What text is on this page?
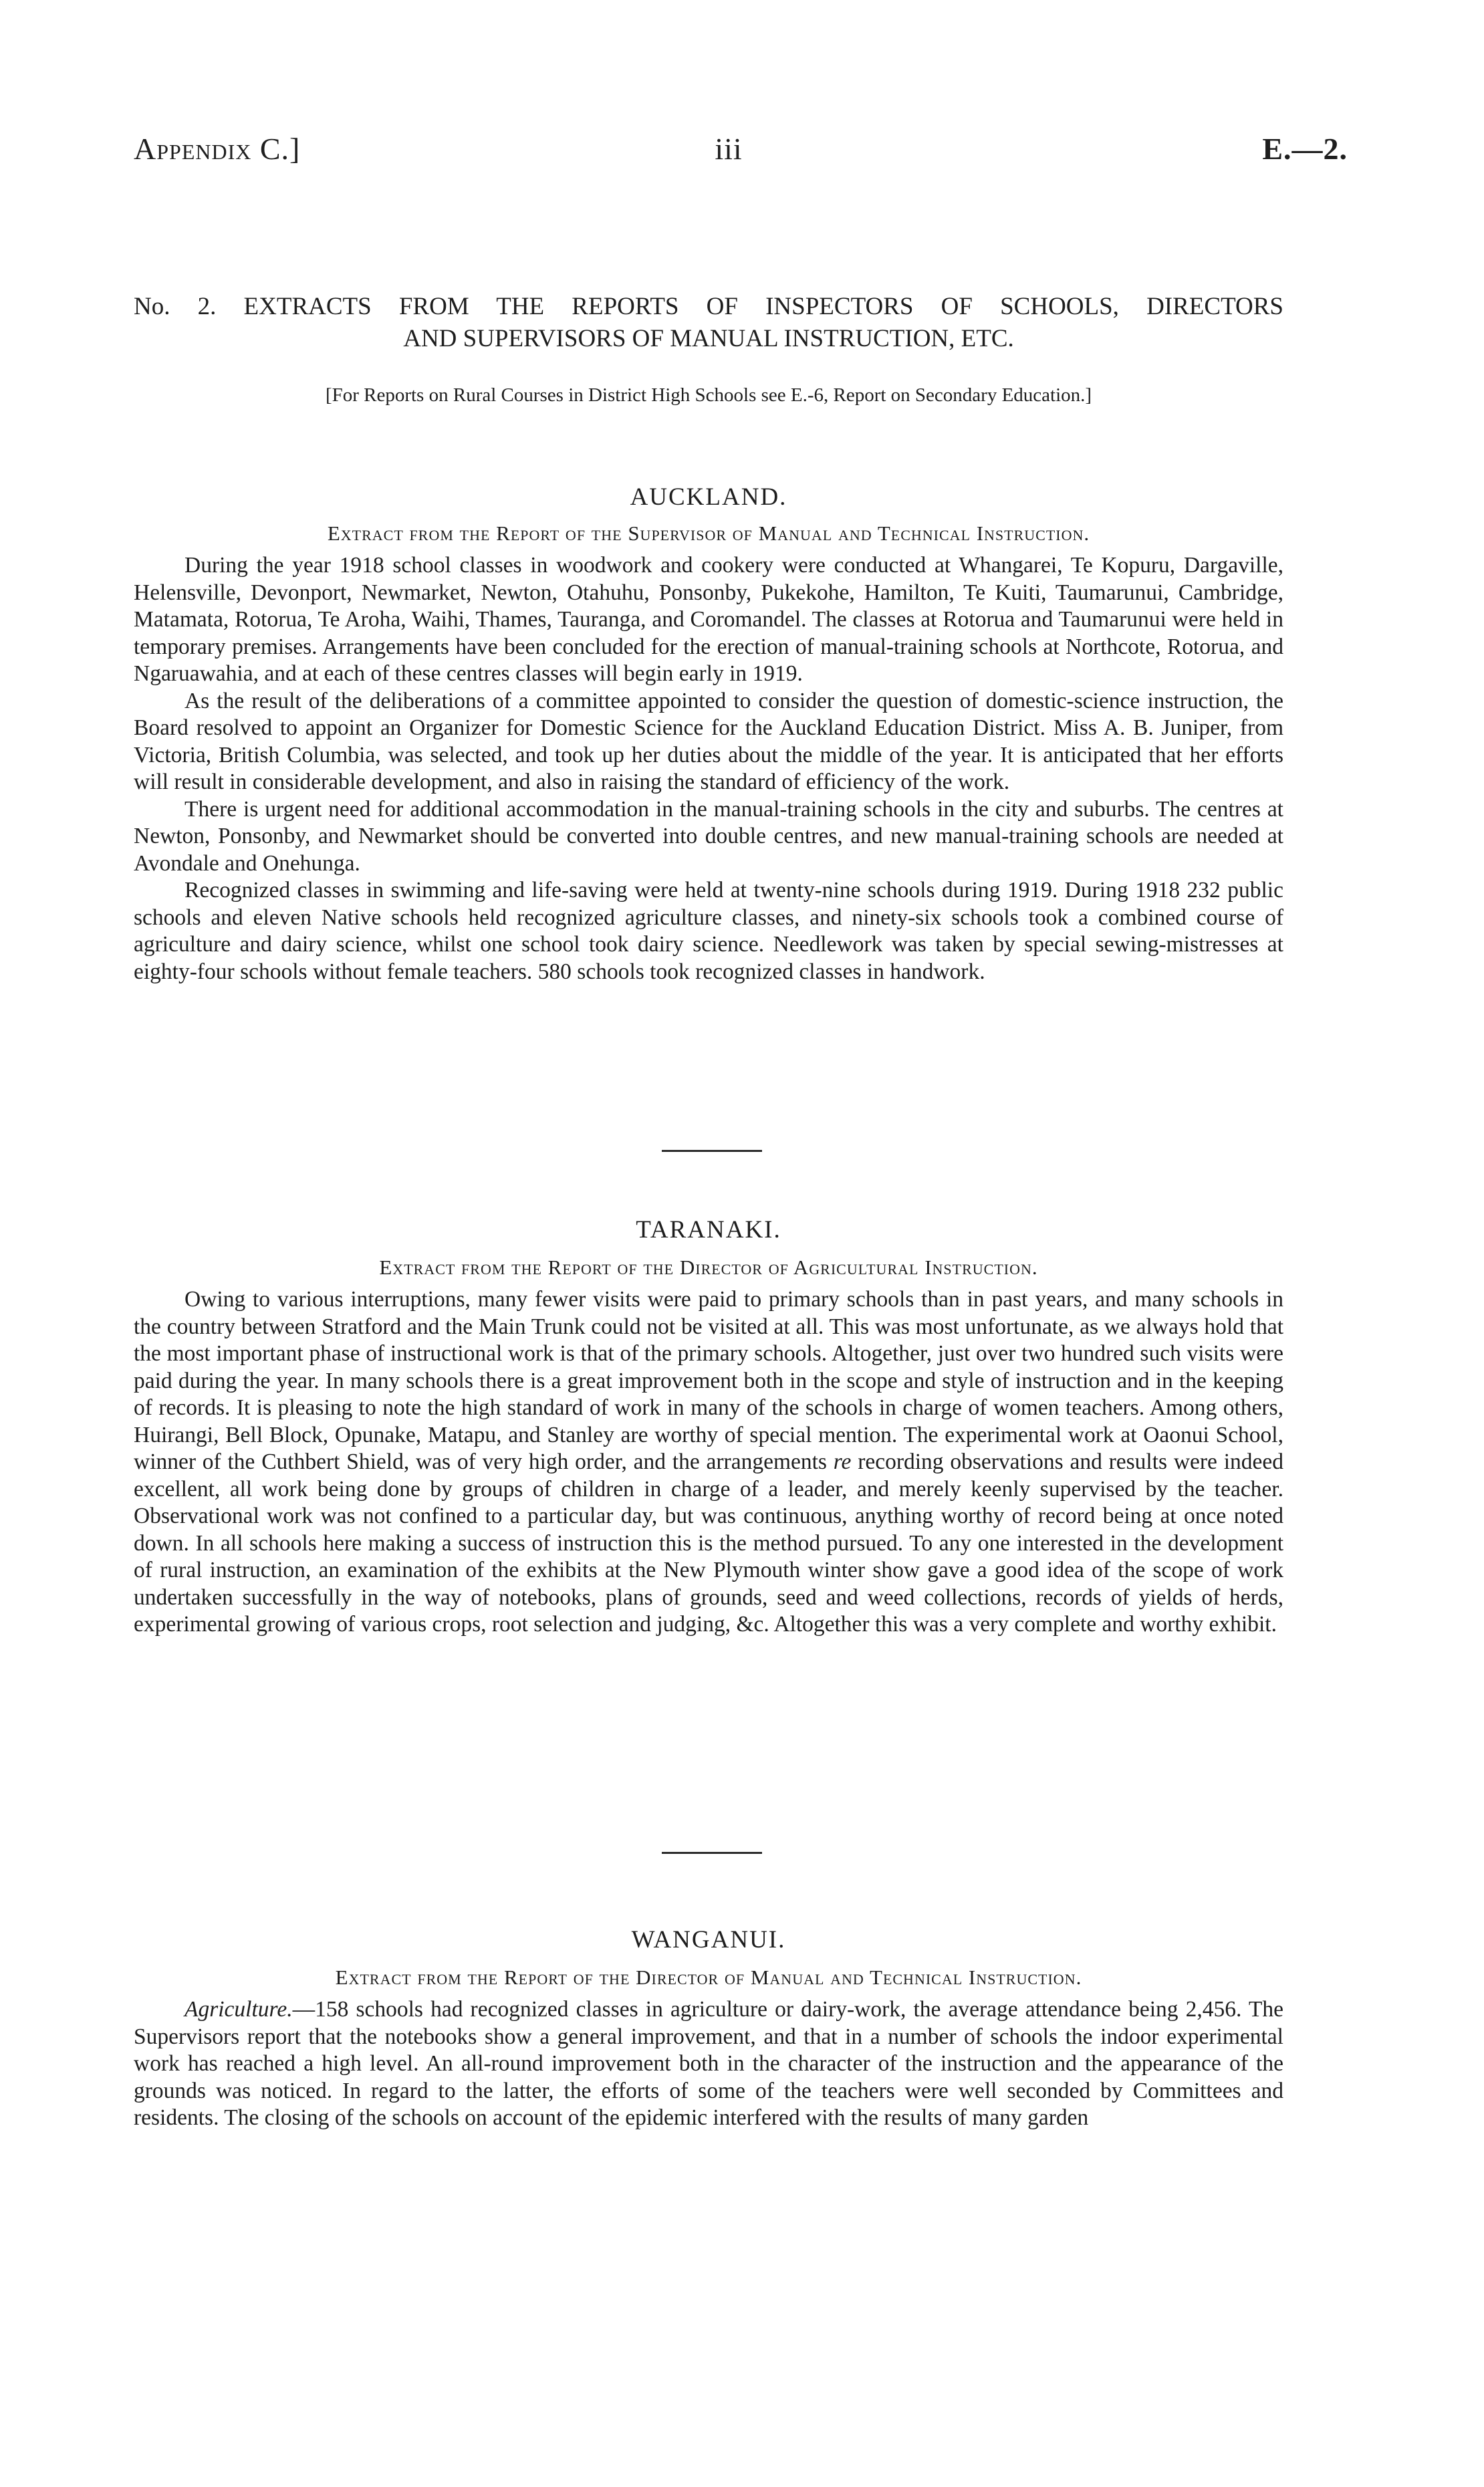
Appendix C.]	iii	E.—2.
No. 2. EXTRACTS FROM THE REPORTS OF INSPECTORS OF SCHOOLS, DIRECTORS
AND SUPERVISORS OF MANUAL INSTRUCTION, ETC.
[For Reports on Rural Courses in District High Schools see E.-6, Report on Secondary Education.]
AUCKLAND.
Extract from the Report of the Supervisor of Manual and Technical Instruction.

During the year 1918 school classes in woodwork and cookery were conducted at Whangarei, Te Kopuru, Dargaville, Helensville, Devonport, Newmarket, Newton, Otahuhu, Ponsonby, Pukekohe, Hamilton, Te Kuiti, Taumarunui, Cambridge, Matamata, Rotorua, Te Aroha, Waihi, Thames, Tauranga, and Coromandel. The classes at Rotorua and Taumarunui were held in temporary premises. Arrangements have been concluded for the erection of manual-training schools at Northcote, Rotorua, and Ngaruawahia, and at each of these centres classes will begin early in 1919.

As the result of the deliberations of a committee appointed to consider the question of domestic-science instruction, the Board resolved to appoint an Organizer for Domestic Science for the Auckland Education District. Miss A. B. Juniper, from Victoria, British Columbia, was selected, and took up her duties about the middle of the year. It is anticipated that her efforts will result in considerable development, and also in raising the standard of efficiency of the work.

There is urgent need for additional accommodation in the manual-training schools in the city and suburbs. The centres at Newton, Ponsonby, and Newmarket should be converted into double centres, and new manual-training schools are needed at Avondale and Onehunga.

Recognized classes in swimming and life-saving were held at twenty-nine schools during 1919. During 1918 232 public schools and eleven Native schools held recognized agriculture classes, and ninety-six schools took a combined course of agriculture and dairy science, whilst one school took dairy science. Needlework was taken by special sewing-mistresses at eighty-four schools without female teachers. 580 schools took recognized classes in handwork.

TARANAKI.
Extract from the Report of the Director of Agricultural Instruction.

Owing to various interruptions, many fewer visits were paid to primary schools than in past years, and many schools in the country between Stratford and the Main Trunk could not be visited at all. This was most unfortunate, as we always hold that the most important phase of instructional work is that of the primary schools. Altogether, just over two hundred such visits were paid during the year. In many schools there is a great improvement both in the scope and style of instruction and in the keeping of records. It is pleasing to note the high standard of work in many of the schools in charge of women teachers. Among others, Huirangi, Bell Block, Opunake, Matapu, and Stanley are worthy of special mention. The experimental work at Oaonui School, winner of the Cuthbert Shield, was of very high order, and the arrangements re recording observations and results were indeed excellent, all work being done by groups of children in charge of a leader, and merely keenly supervised by the teacher. Observational work was not confined to a particular day, but was continuous, anything worthy of record being at once noted down. In all schools here making a success of instruction this is the method pursued. To any one interested in the development of rural instruction, an examination of the exhibits at the New Plymouth winter show gave a good idea of the scope of work undertaken successfully in the way of notebooks, plans of grounds, seed and weed collections, records of yields of herds, experimental growing of various crops, root selection and judging, &c. Altogether this was a very complete and worthy exhibit.

WANGANUI.
Extract from the Report of the Director of Manual and Technical Instruction.

Agriculture.—158 schools had recognized classes in agriculture or dairy-work, the average attendance being 2,456. The Supervisors report that the notebooks show a general improvement, and that in a number of schools the indoor experimental work has reached a high level. An all-round improvement both in the character of the instruction and the appearance of the grounds was noticed. In regard to the latter, the efforts of some of the teachers were well seconded by Committees and residents. The closing of the schools on account of the epidemic interfered with the results of many garden
